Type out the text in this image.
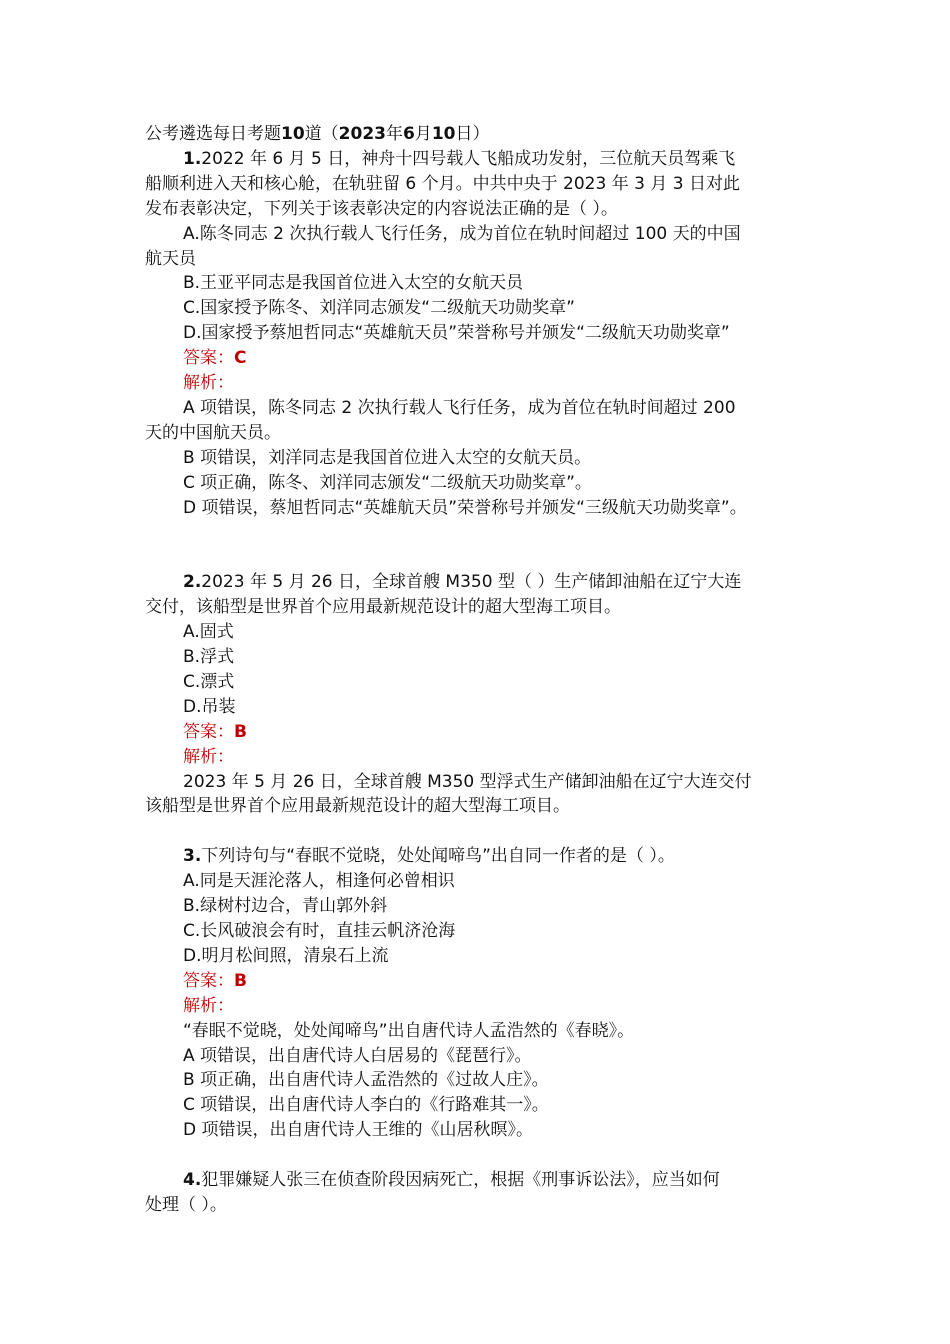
公考遴选每日考题10道（2023年6月10日）
1.2022 年 6 月 5 日，神舟十四号载人飞船成功发射，三位航天员驾乘飞
船顺利进入天和核心舱，在轨驻留 6 个月。中共中央于 2023 年 3 月 3 日对此
发布表彰决定，下列关于该表彰决定的内容说法正确的是（ ）。
A.陈冬同志 2 次执行载人飞行任务，成为首位在轨时间超过 100 天的中国
航天员
B.王亚平同志是我国首位进入太空的女航天员
C.国家授予陈冬、刘洋同志颁发“二级航天功勋奖章”
D.国家授予蔡旭哲同志“英雄航天员”荣誉称号并颁发“二级航天功勋奖章”
答案：C
解析：
A 项错误，陈冬同志 2 次执行载人飞行任务，成为首位在轨时间超过 200
天的中国航天员。
B 项错误，刘洋同志是我国首位进入太空的女航天员。
C 项正确，陈冬、刘洋同志颁发“二级航天功勋奖章”。
D 项错误，蔡旭哲同志“英雄航天员”荣誉称号并颁发“三级航天功勋奖章”。
2.2023 年 5 月 26 日，全球首艘 M350 型（ ）生产储卸油船在辽宁大连
交付，该船型是世界首个应用最新规范设计的超大型海工项目。
A.固式
B.浮式
C.漂式
D.吊装
答案：B
解析：
2023 年 5 月 26 日，全球首艘 M350 型浮式生产储卸油船在辽宁大连交付
该船型是世界首个应用最新规范设计的超大型海工项目。
3.下列诗句与“春眠不觉晓，处处闻啼鸟”出自同一作者的是（ ）。
A.同是天涯沦落人，相逢何必曾相识
B.绿树村边合，青山郭外斜
C.长风破浪会有时，直挂云帆济沧海
D.明月松间照，清泉石上流
答案：B
解析：
“春眠不觉晓，处处闻啼鸟”出自唐代诗人孟浩然的《春晓》。
A 项错误，出自唐代诗人白居易的《琵琶行》。
B 项正确，出自唐代诗人孟浩然的《过故人庄》。
C 项错误，出自唐代诗人李白的《行路难其一》。
D 项错误，出自唐代诗人王维的《山居秋暝》。
4.犯罪嫌疑人张三在侦查阶段因病死亡，根据《刑事诉讼法》，应当如何
处理（ ）。
